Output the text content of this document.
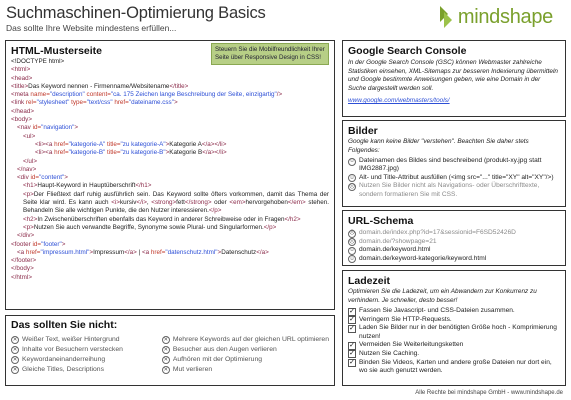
Suchmaschinen-Optimierung Basics
Das sollte Ihre Website mindestens erfüllen...
mindshape
HTML-Musterseite	Steuern Sie die Mobilfreundlichkeit Ihrer Seite über Responsive Design in CSS!
<!DOCTYPE html>
<html>
<head>
<title>Das Keyword nennen - Firmenname/Websitename</title>
<meta name="description" content="ca. 175 Zeichen lange Beschreibung der Seite, einzigartig"/>
<link rel="stylesheet" type="text/css" href="dateiname.css">
</head>
<body>
<nav id="navigation">
<ul>
<li><a href="kategorie-A" title="zu kategorie-A">Kategorie A</a></li>
<li><a href="kategorie-B" title="zu kategorie-B">Kategorie B</a></li>
</ul>
</nav>
<div id="content">
<h1>Haupt-Keyword in Hauptüberschrift</h1>
<p>Der Fließtext darf ruhig ausführlich sein. Das Keyword sollte öfters vorkommen, damit das Thema der Seite klar wird. Es kann auch <i>kursiv</i>, <strong>fett</strong> oder <em>hervorgehoben</em> stehen. Behandeln Sie alle wichtigen Punkte, die den Nutzer interessieren.</p>
<h2>In Zwischenüberschriften ebenfalls das Keyword in anderer Schreibweise oder in Fragen</h2>
<p>Nutzen Sie auch verwandte Begriffe, Synonyme sowie Plural- und Singularformen.</p>
</div>
<footer id="footer">
<a href="impressum.html">Impressum</a> | <a href="datenschutz.html">Datenschutz</a>
</footer>
</body>
</html>
Das sollten Sie nicht:
✕ Weißer Text, weißer Hintergrund	✕ Mehrere Keywords auf der gleichen URL optimieren
✕ Inhalte vor Besuchern verstecken	✕ Besucher aus den Augen verlieren
✕ Keywordaneinanderreihung	✕ Aufhören mit der Optimierung
✕ Gleiche Titles, Descriptions	✕ Mut verlieren
Google Search Console
In der Google Search Console (GSC) können Webmaster zahlreiche Statistiken einsehen, XML-Sitemaps zur besseren Indexierung übermitteln und Google bestimmte Anweisungen geben, wie eine Domain in der Suche dargestellt werden soll.
www.google.com/webmasters/tools/
Bilder
Google kann keine Bilder "verstehen". Beachten Sie daher stets Folgendes:
☺ Dateinamen des Bildes sind beschreibend (produkt-xy.jpg statt IMG2887.jpg)
☺ Alt- und Title-Attribut ausfüllen (<img src="..." title="XY" alt="XY"/>)
☹ Nutzen Sie Bilder nicht als Navigations- oder Überschrifttexte, sondern formatieren Sie mit CSS.
URL-Schema
☹ domain.de/index.php?id=17&sessionid=F6SD52426D
☹ domain.de/?showpage=21
☺ domain.de/keyword.html
☺ domain.de/keyword-kategorie/keyword.html
Ladezeit
Optimieren Sie die Ladezeit, um ein Abwandern zur Konkurrenz zu verhindern. Je schneller, desto besser!
✓ Fassen Sie Javascript- und CSS-Dateien zusammen.
✓ Verringern Sie HTTP-Requests.
✓ Laden Sie Bilder nur in der benötigten Größe hoch - Komprimierung nutzen!
✓ Vermeiden Sie Weiterleitungsketten
✓ Nutzen Sie Caching.
✓ Binden Sie Videos, Karten und andere große Dateien nur dort ein, wo sie auch genutzt werden.
Alle Rechte bei mindshape GmbH - www.mindshape.de
